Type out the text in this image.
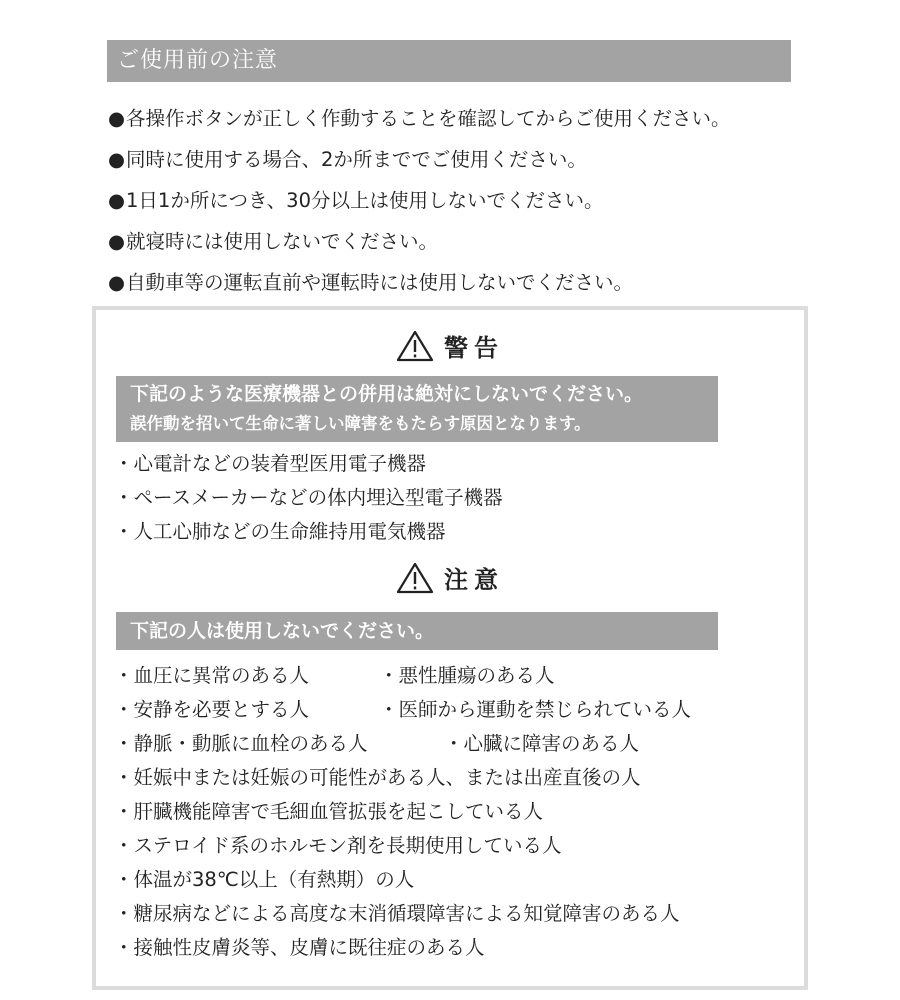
ご使用前の注意
● 各操作ボタンが正しく作動することを確認してからご使用ください。
● 同時に使用する場合、2か所まででご使用ください。
● 1日1か所につき、30分以上は使用しないでください。
● 就寝時には使用しないでください。
● 自動車等の運転直前や運転時には使用しないでください。
警告
下記のような医療機器との併用は絶対にしないでください。
誤作動を招いて生命に著しい障害をもたらす原因となります。
・ 心電計などの装着型医用電子機器
・ ペースメーカーなどの体内埋込型電子機器
・ 人工心肺などの生命維持用電気機器
注意
下記の人は使用しないでください。
・ 血圧に異常のある人	・ 悪性腫瘍のある人
・ 安静を必要とする人	・ 医師から運動を禁じられている人
・ 静脈・動脈に血栓のある人	・ 心臓に障害のある人
・ 妊娠中または妊娠の可能性がある人、または出産直後の人
・ 肝臓機能障害で毛細血管拡張を起こしている人
・ ステロイド系のホルモン剤を長期使用している人
・ 体温が38℃以上（有熱期）の人
・ 糖尿病などによる高度な末消循環障害による知覚障害のある人
・ 接触性皮膚炎等、皮膚に既往症のある人
